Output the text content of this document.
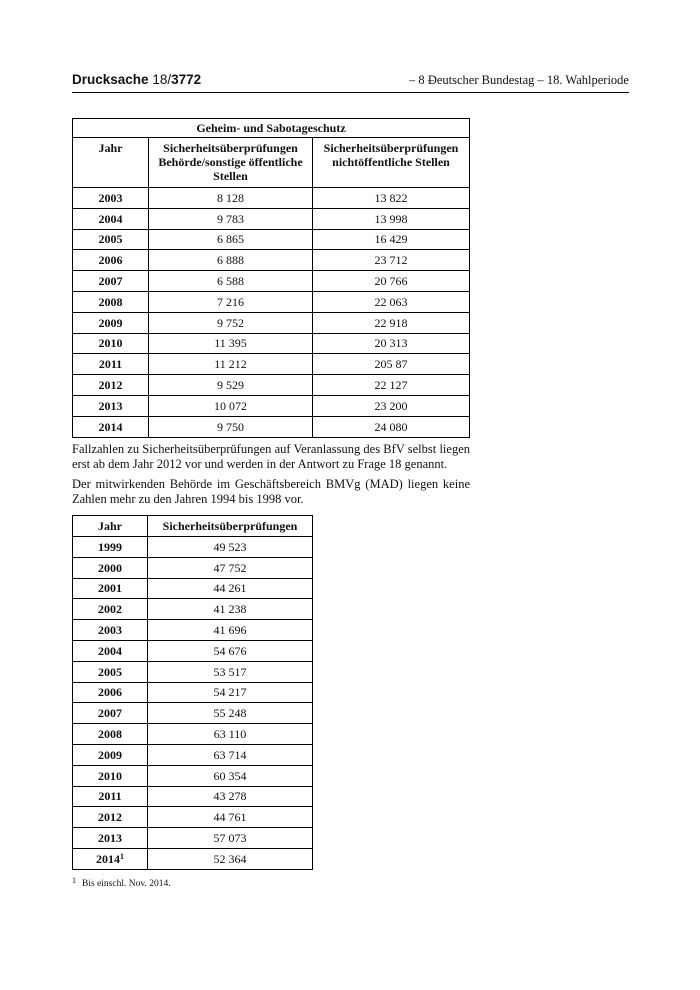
Drucksache 18/3772	– 8 –
Deutscher Bundestag – 18. Wahlperiode
Geheim- und Sabotageschutz		
Jahr	Sicherheitsüberprüfungen Behörde/sonstige öffentliche Stellen	Sicherheitsüberprüfungen nichtöffentliche Stellen
2003	8 128	13 822
2004	9 783	13 998
2005	6 865	16 429
2006	6 888	23 712
2007	6 588	20 766
2008	7 216	22 063
2009	9 752	22 918
2010	11 395	20 313
2011	11 212	205 87
2012	9 529	22 127
2013	10 072	23 200
2014	9 750	24 080
Fallzahlen zu Sicherheitsüberprüfungen auf Veranlassung des BfV selbst liegen erst ab dem Jahr 2012 vor und werden in der Antwort zu Frage 18 genannt.
Der mitwirkenden Behörde im Geschäftsbereich BMVg (MAD) liegen keine Zahlen mehr zu den Jahren 1994 bis 1998 vor.
Jahr	Sicherheitsüberprüfungen
1999	49 523
2000	47 752
2001	44 261
2002	41 238
2003	41 696
2004	54 676
2005	53 517
2006	54 217
2007	55 248
2008	63 110
2009	63 714
2010	60 354
2011	43 278
2012	44 761
2013	57 073
2014$^1$	52 364
$^1$ Bis einschl. Nov. 2014.
